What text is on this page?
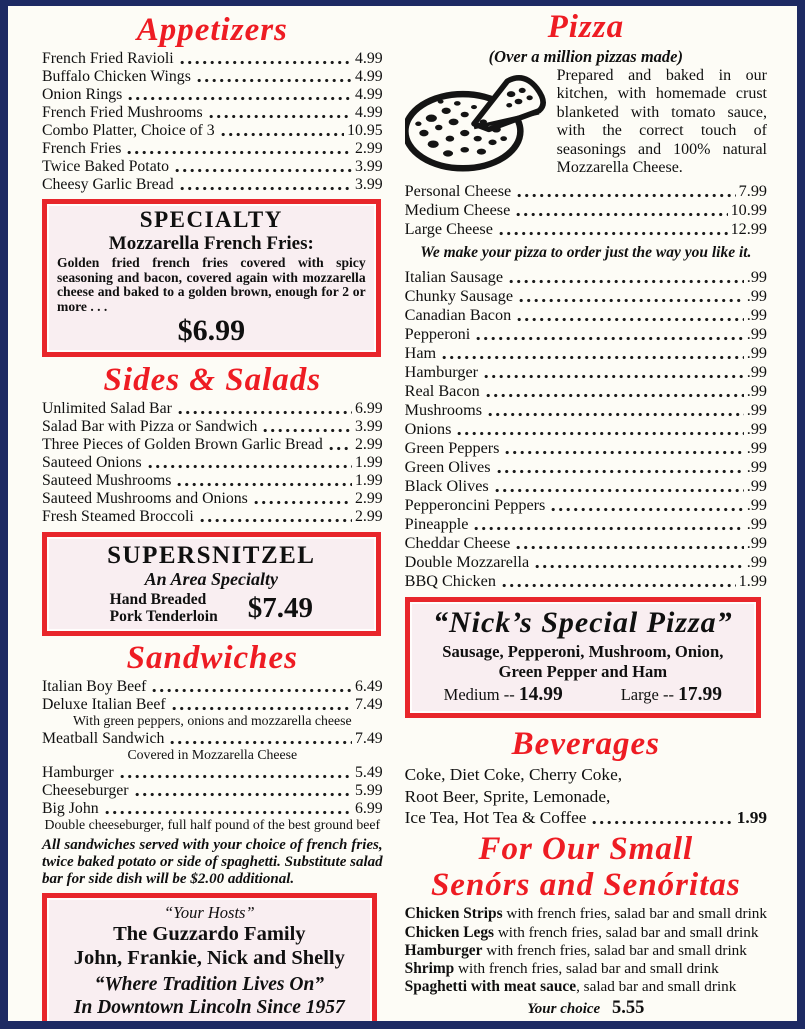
Appetizers
French Fried Ravioli	4.99
Buffalo Chicken Wings	4.99
Onion Rings	4.99
French Fried Mushrooms	4.99
Combo Platter, Choice of 3	10.95
French Fries	2.99
Twice Baked Potato	3.99
Cheesy Garlic Bread	3.99
SPECIALTY
Mozzarella French Fries:
Golden fried french fries covered with spicy seasoning and bacon, covered again with mozzarella cheese and baked to a golden brown, enough for 2 or more . . .
$6.99
Sides & Salads
Unlimited Salad Bar	6.99
Salad Bar with Pizza or Sandwich	3.99
Three Pieces of Golden Brown Garlic Bread 2.99
Sauteed Onions	1.99
Sauteed Mushrooms	1.99
Sauteed Mushrooms and Onions	2.99
Fresh Steamed Broccoli	2.99
SUPERSNITZEL
An Area Specialty
Hand Breaded
Pork Tenderloin $7.49
Sandwiches
Italian Boy Beef	6.49
Deluxe Italian Beef	7.49
With green peppers, onions and mozzarella cheese
Meatball Sandwich	7.49
Covered in Mozzarella Cheese
Hamburger	5.49
Cheeseburger	5.99
Big John	6.99
Double cheeseburger, full half pound of the best ground beef
All sandwiches served with your choice of french fries, twice baked potato or side of spaghetti. Substitute salad bar for side dish will be $2.00 additional.
“Your Hosts”
The Guzzardo Family
John, Frankie, Nick and Shelly
“Where Tradition Lives On”
In Downtown Lincoln Since 1957
Pizza
(Over a million pizzas made)

Prepared and baked in our kitchen, with homemade crust blanketed with tomato sauce, with the correct touch of seasonings and 100% natural Mozzarella Cheese.

Personal Cheese	7.99
Medium Cheese	10.99
Large Cheese	12.99
We make your pizza to order just the way you like it.
Italian Sausage	.99
Chunky Sausage	.99
Canadian Bacon	.99
Pepperoni	.99
Ham	.99
Hamburger	.99
Real Bacon	.99
Mushrooms	.99
Onions	.99
Green Peppers	.99
Green Olives	.99
Black Olives	.99
Pepperoncini Peppers	.99
Pineapple	.99
Cheddar Cheese	.99
Double Mozzarella	.99
BBQ Chicken	1.99
“Nick’s Special Pizza”
Sausage, Pepperoni, Mushroom, Onion,
Green Pepper and Ham
Medium -- 14.99	Large -- 17.99
Beverages
Coke, Diet Coke, Cherry Coke,
Root Beer, Sprite, Lemonade,
Ice Tea, Hot Tea & Coffee	1.99
For Our Small
Senórs and Senóritas
Chicken Strips with french fries, salad bar and small drink
Chicken Legs with french fries, salad bar and small drink
Hamburger with french fries, salad bar and small drink
Shrimp with french fries, salad bar and small drink
Spaghetti with meat sauce, salad bar and small drink
Your choice 5.55
